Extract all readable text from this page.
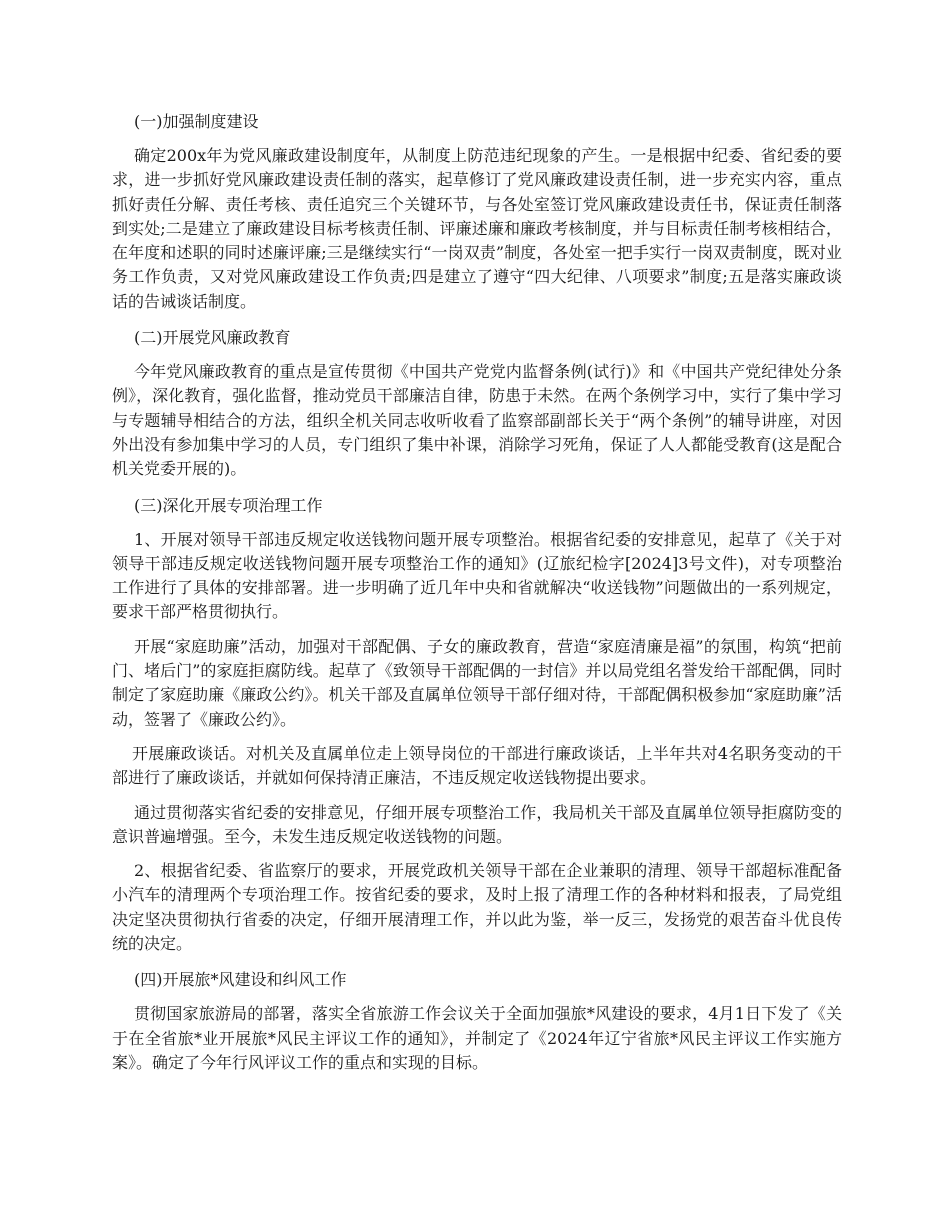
(一)加强制度建设

确定200x年为党风廉政建设制度年，从制度上防范违纪现象的产生。一是根据中纪委、省纪委的要求，进一步抓好党风廉政建设责任制的落实，起草修订了党风廉政建设责任制，进一步充实内容，重点抓好责任分解、责任考核、责任追究三个关键环节，与各处室签订党风廉政建设责任书，保证责任制落到实处;二是建立了廉政建设目标考核责任制、评廉述廉和廉政考核制度，并与目标责任制考核相结合，在年度和述职的同时述廉评廉;三是继续实行“一岗双责”制度，各处室一把手实行一岗双责制度，既对业务工作负责，又对党风廉政建设工作负责;四是建立了遵守“四大纪律、八项要求”制度;五是落实廉政谈话的告诫谈话制度。

(二)开展党风廉政教育

今年党风廉政教育的重点是宣传贯彻《中国共产党党内监督条例(试行)》和《中国共产党纪律处分条例》，深化教育，强化监督，推动党员干部廉洁自律，防患于未然。在两个条例学习中，实行了集中学习与专题辅导相结合的方法，组织全机关同志收听收看了监察部副部长关于“两个条例”的辅导讲座，对因外出没有参加集中学习的人员，专门组织了集中补课，消除学习死角，保证了人人都能受教育(这是配合机关党委开展的)。

(三)深化开展专项治理工作

1、开展对领导干部违反规定收送钱物问题开展专项整治。根据省纪委的安排意见，起草了《关于对领导干部违反规定收送钱物问题开展专项整治工作的通知》(辽旅纪检字[2024]3号文件)，对专项整治工作进行了具体的安排部署。进一步明确了近几年中央和省就解决“收送钱物”问题做出的一系列规定，要求干部严格贯彻执行。

开展“家庭助廉”活动，加强对干部配偶、子女的廉政教育，营造“家庭清廉是福”的氛围，构筑“把前门、堵后门”的家庭拒腐防线。起草了《致领导干部配偶的一封信》并以局党组名誉发给干部配偶，同时制定了家庭助廉《廉政公约》。机关干部及直属单位领导干部仔细对待，干部配偶积极参加“家庭助廉”活动，签署了《廉政公约》。

开展廉政谈话。对机关及直属单位走上领导岗位的干部进行廉政谈话，上半年共对4名职务变动的干部进行了廉政谈话，并就如何保持清正廉洁，不违反规定收送钱物提出要求。

通过贯彻落实省纪委的安排意见，仔细开展专项整治工作，我局机关干部及直属单位领导拒腐防变的意识普遍增强。至今，未发生违反规定收送钱物的问题。

2、根据省纪委、省监察厅的要求，开展党政机关领导干部在企业兼职的清理、领导干部超标准配备小汽车的清理两个专项治理工作。按省纪委的要求，及时上报了清理工作的各种材料和报表，了局党组决定坚决贯彻执行省委的决定，仔细开展清理工作，并以此为鉴，举一反三，发扬党的艰苦奋斗优良传统的决定。

(四)开展旅*风建设和纠风工作

贯彻国家旅游局的部署，落实全省旅游工作会议关于全面加强旅*风建设的要求，4月1日下发了《关于在全省旅*业开展旅*风民主评议工作的通知》，并制定了《2024年辽宁省旅*风民主评议工作实施方案》。确定了今年行风评议工作的重点和实现的目标。
